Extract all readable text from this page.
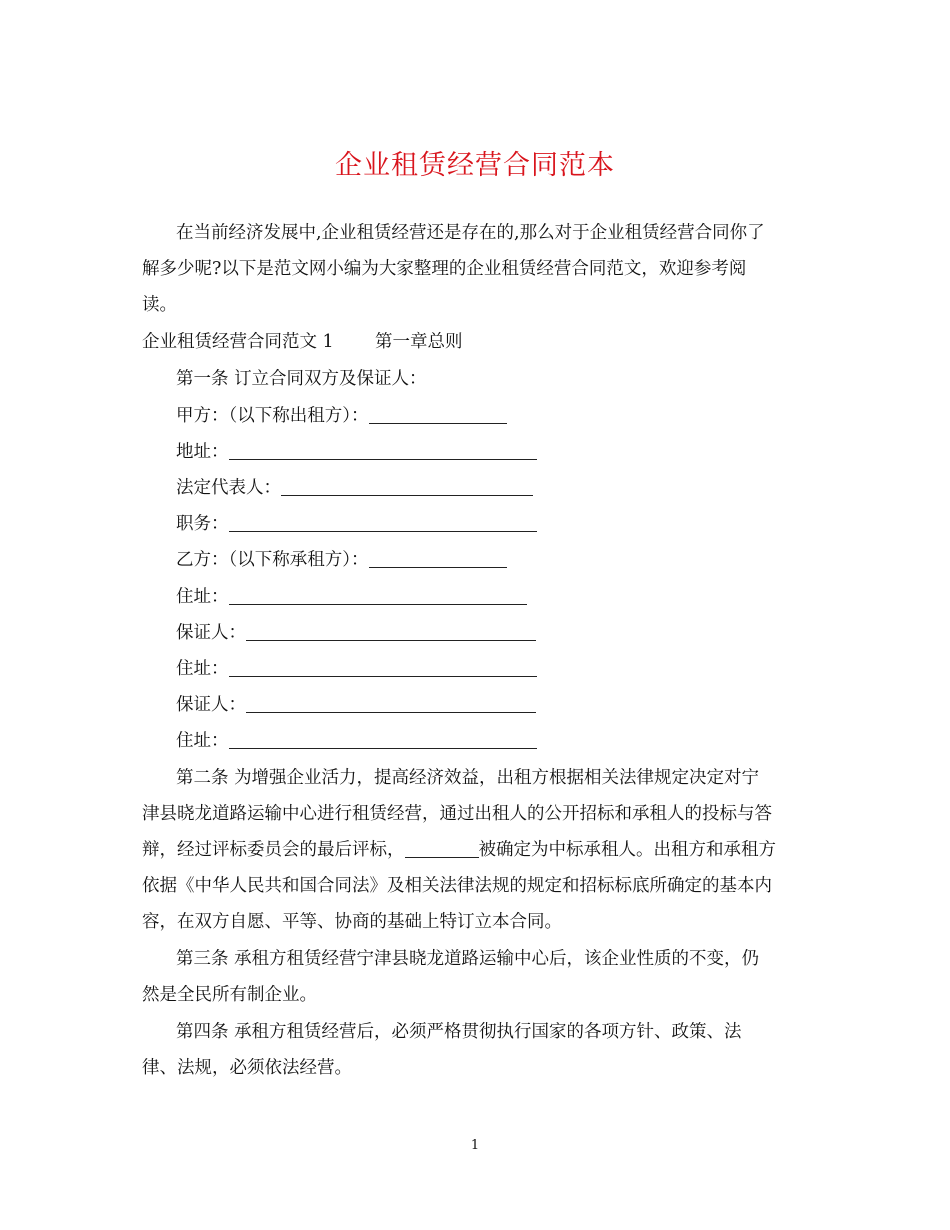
企业租赁经营合同范本
在当前经济发展中,企业租赁经营还是存在的,那么对于企业租赁经营合同你了
解多少呢?以下是范文网小编为大家整理的企业租赁经营合同范文，欢迎参考阅
读。
企业租赁经营合同范文 1 第一章总则
第一条 订立合同双方及保证人：
甲方：（以下称出租方）：
地址：
法定代表人：
职务：
乙方：（以下称承租方）：
住址：
保证人：
住址：
保证人：
住址：
第二条 为增强企业活力，提高经济效益，出租方根据相关法律规定决定对宁
津县晓龙道路运输中心进行租赁经营，通过出租人的公开招标和承租人的投标与答
辩，经过评标委员会的最后评标，	被确定为中标承租人。出租方和承租方
依据《中华人民共和国合同法》及相关法律法规的规定和招标标底所确定的基本内
容，在双方自愿、平等、协商的基础上特订立本合同。
第三条 承租方租赁经营宁津县晓龙道路运输中心后，该企业性质的不变，仍
然是全民所有制企业。
第四条 承租方租赁经营后，必须严格贯彻执行国家的各项方针、政策、法
律、法规，必须依法经营。
1
